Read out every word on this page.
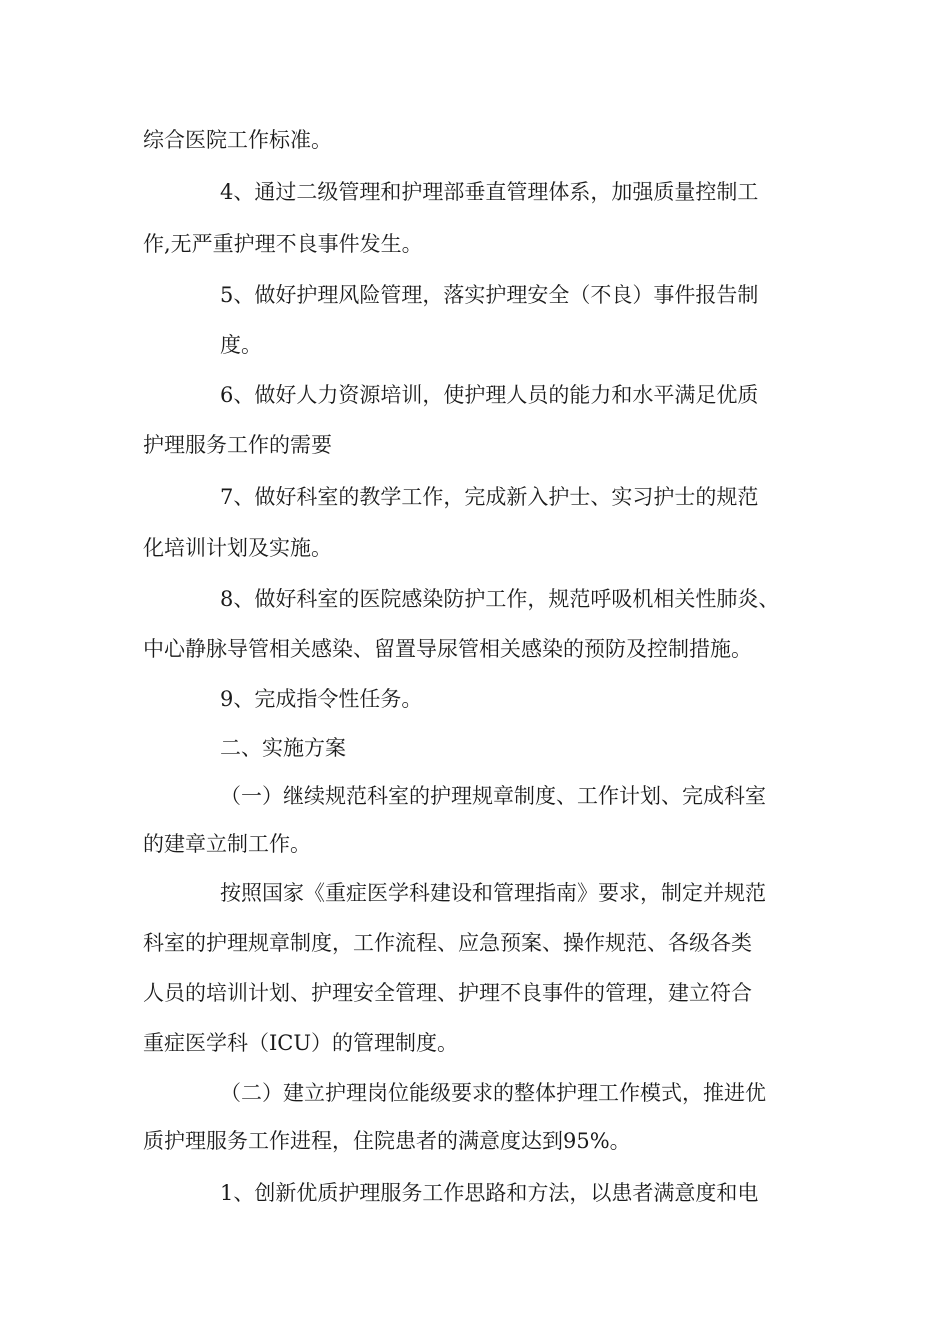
综合医院工作标准。
4、通过二级管理和护理部垂直管理体系，加强质量控制工
作,无严重护理不良事件发生。
5、做好护理风险管理，落实护理安全（不良）事件报告制
度。
6、做好人力资源培训，使护理人员的能力和水平满足优质
护理服务工作的需要
7、做好科室的教学工作，完成新入护士、实习护士的规范
化培训计划及实施。
8、做好科室的医院感染防护工作，规范呼吸机相关性肺炎、
中心静脉导管相关感染、留置导尿管相关感染的预防及控制措施。
9、完成指令性任务。
二、实施方案
（一）继续规范科室的护理规章制度、工作计划、完成科室
的建章立制工作。
按照国家《重症医学科建设和管理指南》要求，制定并规范
科室的护理规章制度，工作流程、应急预案、操作规范、各级各类
人员的培训计划、护理安全管理、护理不良事件的管理，建立符合
重症医学科（ICU）的管理制度。
（二）建立护理岗位能级要求的整体护理工作模式，推进优
质护理服务工作进程，住院患者的满意度达到95%。
1、创新优质护理服务工作思路和方法，以患者满意度和电
